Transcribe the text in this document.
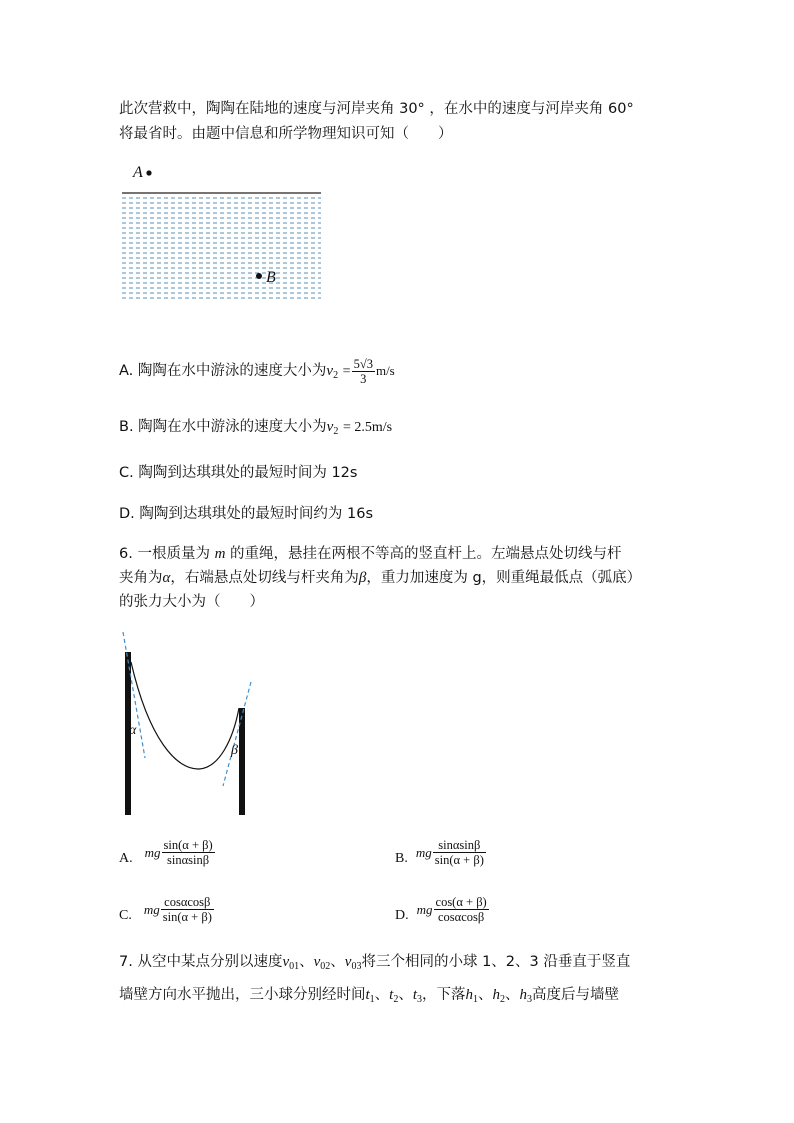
此次营救中，陶陶在陆地的速度与河岸夹角 30° ，在水中的速度与河岸夹角 60°
将最省时。由题中信息和所学物理知识可知（　　）
A
B
A. 陶陶在水中游泳的速度大小为$v_2 = \frac{5√3}{3} m/s$
B. 陶陶在水中游泳的速度大小为$v_2 = 2.5m/s$
C. 陶陶到达琪琪处的最短时间为 12s
D. 陶陶到达琪琪处的最短时间约为 16s
6. 一根质量为 m 的重绳，悬挂在两根不等高的竖直杆上。左端悬点处切线与杆
夹角为α，右端悬点处切线与杆夹角为β，重力加速度为 g，则重绳最低点（弧底）
的张力大小为（　　）
α
β
A. mg $\frac{\sin(\alpha + \beta)}{\sin\alpha\sin\beta}$	B. mg $\frac{\sin\alpha\sin\beta}{\sin(\alpha + \beta)}$
C. mg $\frac{\cos\alpha\cos\beta}{\sin(\alpha + \beta)}$	D. mg $\frac{\cos(\alpha + \beta)}{\cos\alpha\cos\beta}$
7. 从空中某点分别以速度$v_{01}$、$v_{02}$、$v_{03}$将三个相同的小球 1、2、3 沿垂直于竖直
墙壁方向水平抛出，三小球分别经时间$t_1$、$t_2$、$t_3$，下落$h_1$、$h_2$、$h_3$高度后与墙壁
